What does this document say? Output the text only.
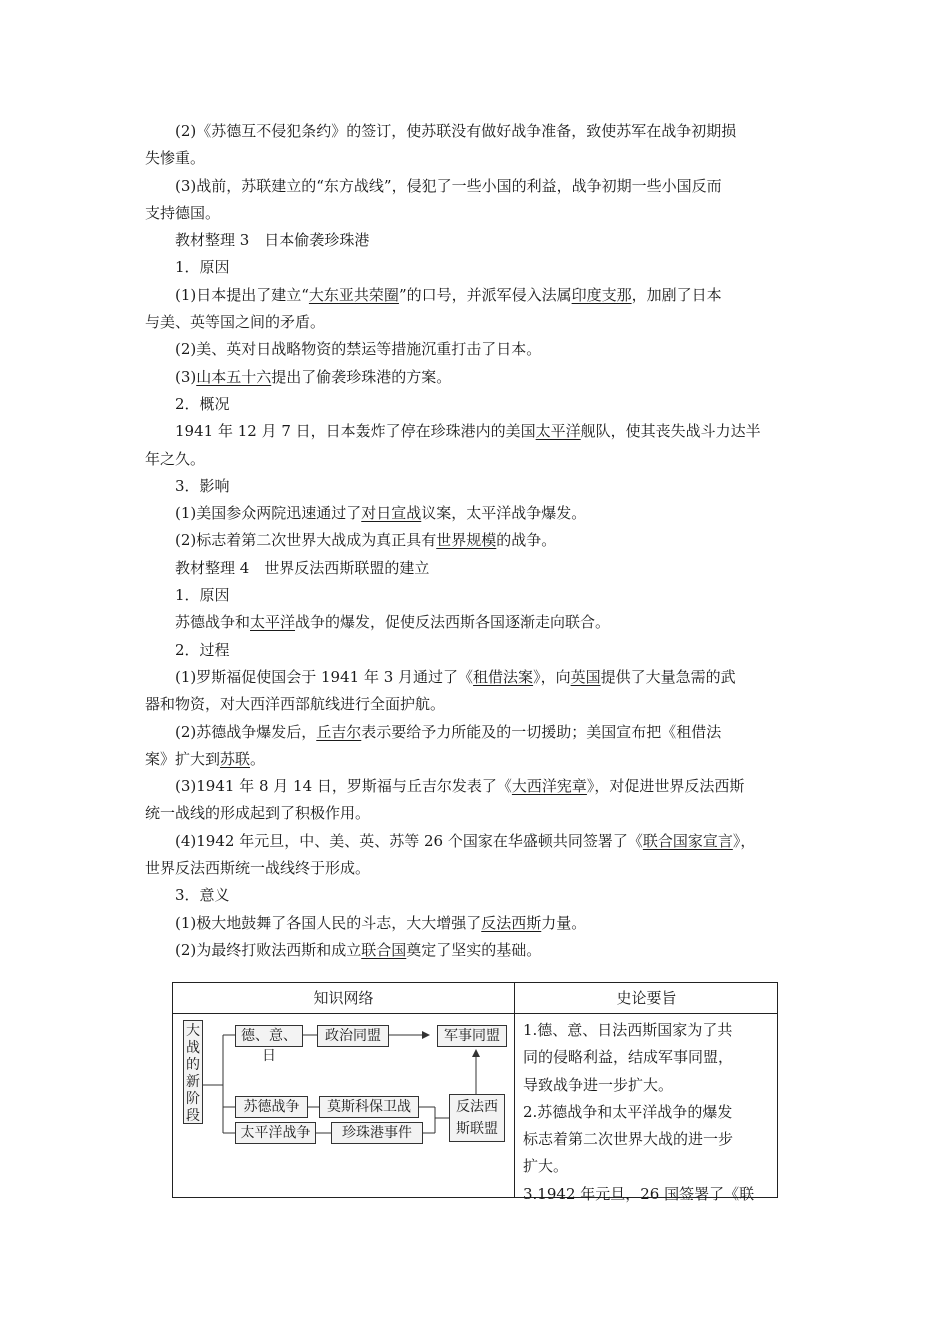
(2)《苏德互不侵犯条约》的签订，使苏联没有做好战争准备，致使苏军在战争初期损
失惨重。
(3)战前，苏联建立的“东方战线”，侵犯了一些小国的利益，战争初期一些小国反而
支持德国。
教材整理 3　日本偷袭珍珠港
1．原因
(1)日本提出了建立“大东亚共荣圈”的口号，并派军侵入法属印度支那，加剧了日本
与美、英等国之间的矛盾。
(2)美、英对日战略物资的禁运等措施沉重打击了日本。
(3)山本五十六提出了偷袭珍珠港的方案。
2．概况
1941 年 12 月 7 日，日本轰炸了停在珍珠港内的美国太平洋舰队，使其丧失战斗力达半
年之久。
3．影响
(1)美国参众两院迅速通过了对日宣战议案，太平洋战争爆发。
(2)标志着第二次世界大战成为真正具有世界规模的战争。
教材整理 4　世界反法西斯联盟的建立
1．原因
苏德战争和太平洋战争的爆发，促使反法西斯各国逐渐走向联合。
2．过程
(1)罗斯福促使国会于 1941 年 3 月通过了《租借法案》，向英国提供了大量急需的武
器和物资，对大西洋西部航线进行全面护航。
(2)苏德战争爆发后，丘吉尔表示要给予力所能及的一切援助；美国宣布把《租借法
案》扩大到苏联。
(3)1941 年 8 月 14 日，罗斯福与丘吉尔发表了《大西洋宪章》，对促进世界反法西斯
统一战线的形成起到了积极作用。
(4)1942 年元旦，中、美、英、苏等 26 个国家在华盛顿共同签署了《联合国家宣言》，
世界反法西斯统一战线终于形成。
3．意义
(1)极大地鼓舞了各国人民的斗志，大大增强了反法西斯力量。
(2)为最终打败法西斯和成立联合国奠定了坚实的基础。
知识网络	史论要旨
大战的新阶段
德、意、日
政治同盟	军事同盟
苏德战争	莫斯科保卫战
太平洋战争	珍珠港事件
反法西斯联盟
1.德、意、日法西斯国家为了共
同的侵略利益，结成军事同盟，
导致战争进一步扩大。
2.苏德战争和太平洋战争的爆发
标志着第二次世界大战的进一步
扩大。
3.1942 年元旦，26 国签署了《联
